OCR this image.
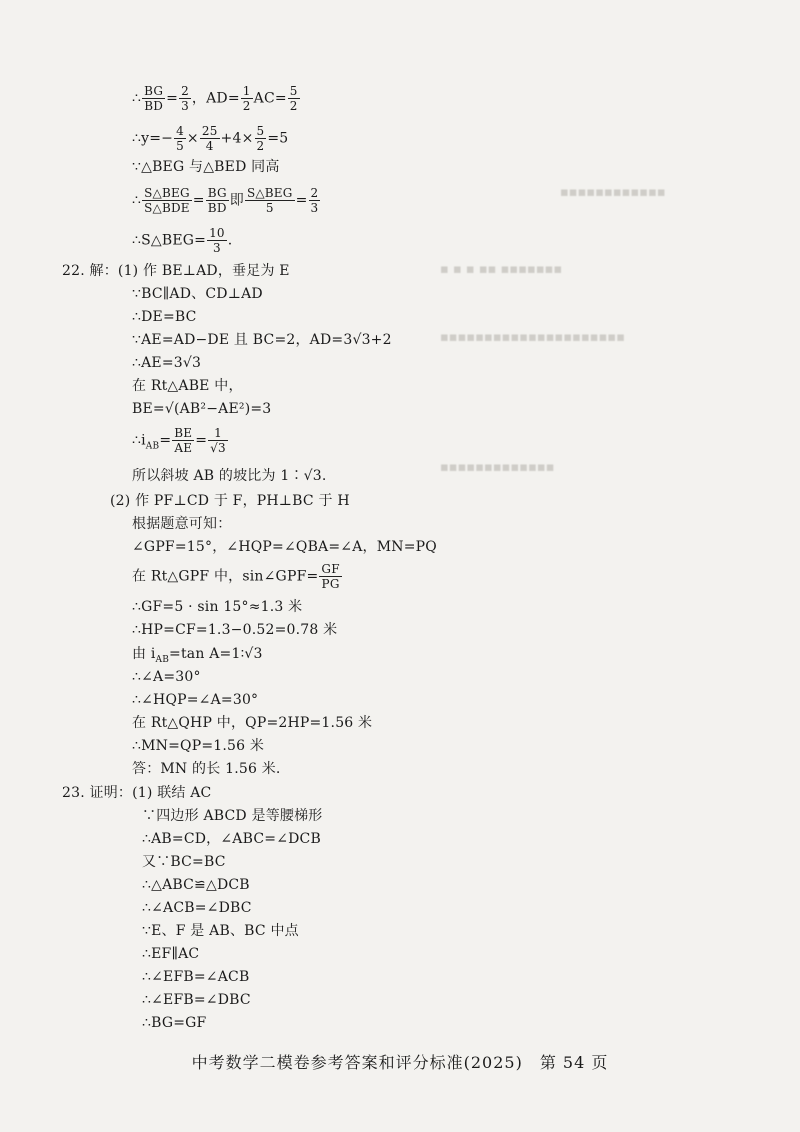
▪▪▪▪▪▪▪▪▪▪▪▪
▪ ▪ ▪ ▪▪ ▪▪▪▪▪▪▪
▪▪▪▪▪▪▪▪▪▪▪▪▪▪▪▪▪▪▪▪▪
▪▪▪▪▪▪▪▪▪▪▪▪▪
∴ $\frac{BG}{BD} = \frac{2}{3}$ ，$AD= \frac{1}{2} AC= \frac{5}{2}$
∴y=− $\frac{4}{5} \times \frac{25}{4} +4\times \frac{5}{2} =5$
∵△BEG 与△BED 同高
∴ $\frac{\text{S△BEG}}{\text{S△BDE}} = \frac{BG}{BD}$ 即 $\frac{\text{S△BEG}}{5} = \frac{2}{3}$
∴S△BEG= $\frac{10}{3}$ .
22. 解：(1) 作 BE⊥AD，垂足为 E
∵BC∥AD、CD⊥AD
∴DE=BC
∵AE=AD−DE 且 BC=2，AD=3√3+2
∴AE=3√3
在 Rt△ABE 中，
BE=√(AB²−AE²)=3
$\therefore i_{AB}= \frac{BE}{AE} = \frac{1}{√3}$
所以斜坡 AB 的坡比为 1∶√3.
(2) 作 PF⊥CD 于 F，PH⊥BC 于 H
根据题意可知：
∠GPF=15°，∠HQP=∠QBA=∠A，MN=PQ
在 Rt△GPF 中，sin∠GPF= $\frac{GF}{PG}$
∴GF=5 · sin 15°≈1.3 米
∴HP=CF=1.3−0.52=0.78 米
由 $i_{AB}=\tan$ A=1∶√3
∴∠A=30°
∴∠HQP=∠A=30°
在 Rt△QHP 中，QP=2HP=1.56 米
∴MN=QP=1.56 米
答：MN 的长 1.56 米.
23. 证明：(1) 联结 AC
∵四边形 ABCD 是等腰梯形
∴AB=CD，∠ABC=∠DCB
又∵BC=BC
∴△ABC≌△DCB
∴∠ACB=∠DBC
∵E、F 是 AB、BC 中点
∴EF∥AC
∴∠EFB=∠ACB
∴∠EFB=∠DBC
∴BG=GF
中考数学二模卷参考答案和评分标准(2025)　第 54 页
